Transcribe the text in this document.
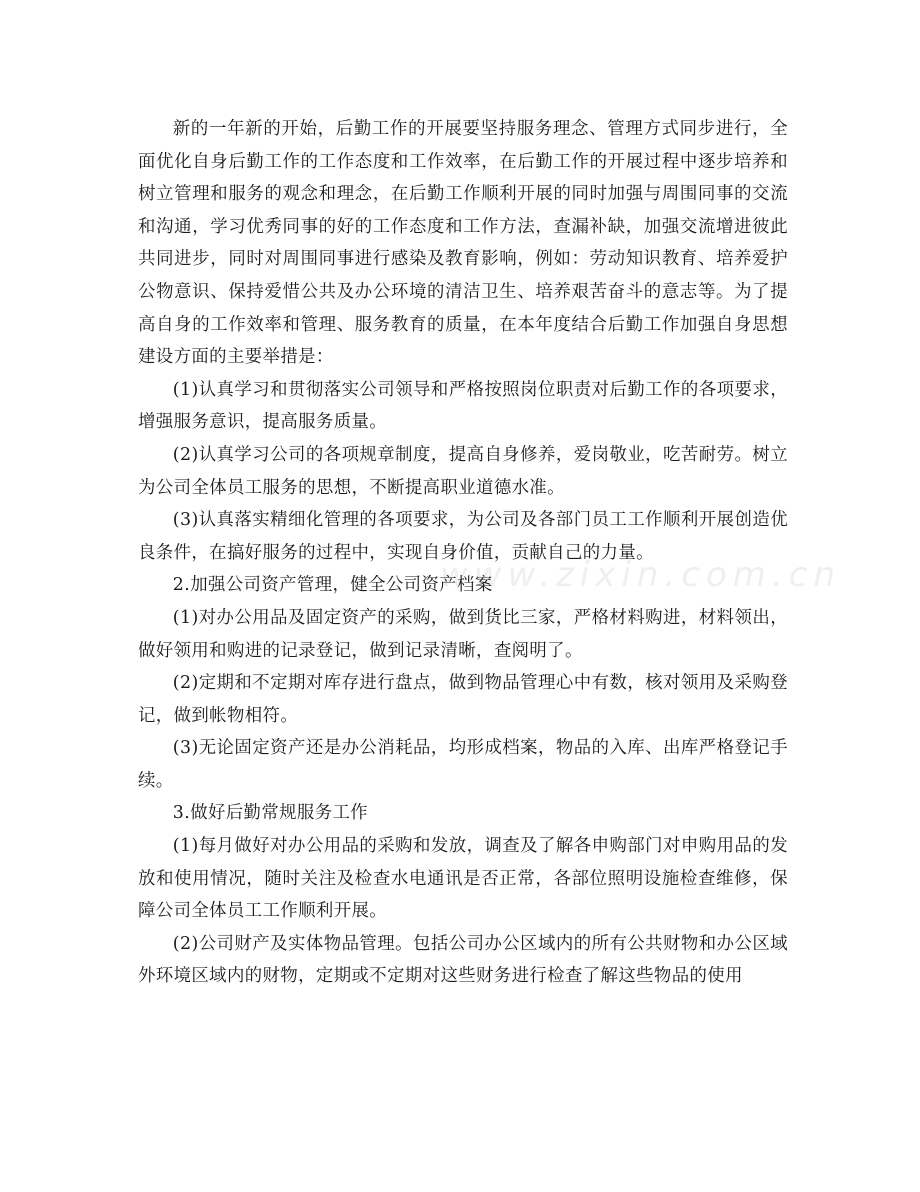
新的一年新的开始，后勤工作的开展要坚持服务理念、管理方式同步进行，全面优化自身后勤工作的工作态度和工作效率，在后勤工作的开展过程中逐步培养和树立管理和服务的观念和理念，在后勤工作顺利开展的同时加强与周围同事的交流和沟通，学习优秀同事的好的工作态度和工作方法，查漏补缺，加强交流增进彼此共同进步，同时对周围同事进行感染及教育影响，例如：劳动知识教育、培养爱护公物意识、保持爱惜公共及办公环境的清洁卫生、培养艰苦奋斗的意志等。为了提高自身的工作效率和管理、服务教育的质量，在本年度结合后勤工作加强自身思想建设方面的主要举措是：

(1)认真学习和贯彻落实公司领导和严格按照岗位职责对后勤工作的各项要求，增强服务意识，提高服务质量。

(2)认真学习公司的各项规章制度，提高自身修养，爱岗敬业，吃苦耐劳。树立为公司全体员工服务的思想，不断提高职业道德水准。

(3)认真落实精细化管理的各项要求，为公司及各部门员工工作顺利开展创造优良条件，在搞好服务的过程中，实现自身价值，贡献自己的力量。

2.加强公司资产管理，健全公司资产档案

(1)对办公用品及固定资产的采购，做到货比三家，严格材料购进，材料领出，做好领用和购进的记录登记，做到记录清晰，查阅明了。

(2)定期和不定期对库存进行盘点，做到物品管理心中有数，核对领用及采购登记，做到帐物相符。

(3)无论固定资产还是办公消耗品，均形成档案，物品的入库、出库严格登记手续。

3.做好后勤常规服务工作

(1)每月做好对办公用品的采购和发放，调查及了解各申购部门对申购用品的发放和使用情况，随时关注及检查水电通讯是否正常，各部位照明设施检查维修，保障公司全体员工工作顺利开展。

(2)公司财产及实体物品管理。包括公司办公区域内的所有公共财物和办公区域外环境区域内的财物，定期或不定期对这些财务进行检查了解这些物品的使用

www.zixin.com.cn
